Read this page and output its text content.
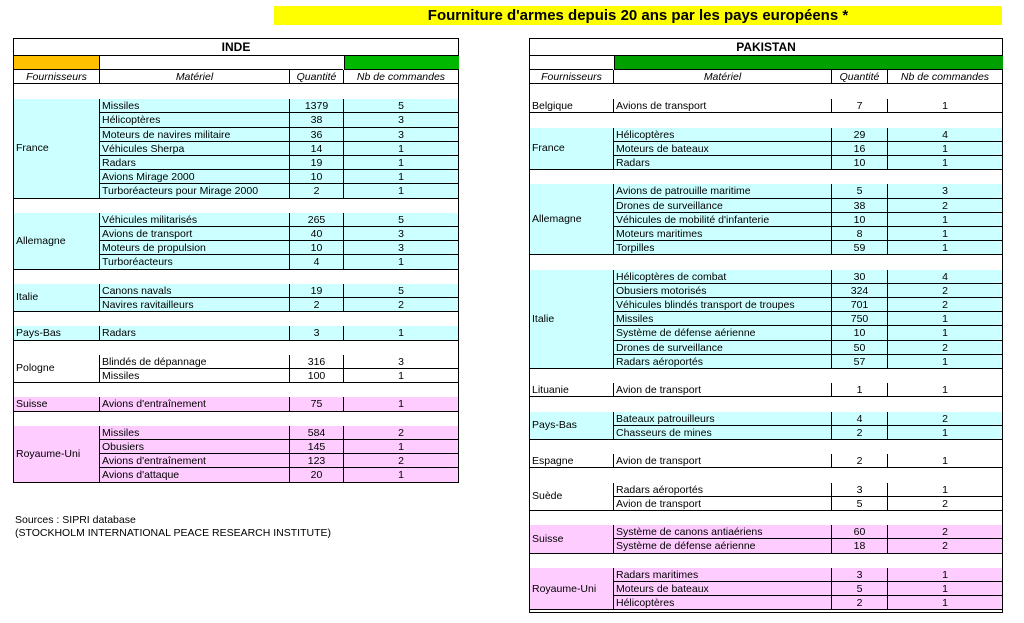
Fourniture d'armes depuis 20 ans par les pays européens *
INDE
Fournisseurs	Matériel	Quantité	Nb de commandes
France
Missiles	1379	5
Hélicoptères	38	3
Moteurs de navires militaire	36	3
Véhicules Sherpa	14	1
Radars	19	1
Avions Mirage 2000	10	1
Turboréacteurs pour Mirage 2000	2	1
Allemagne
Véhicules militarisés	265	5
Avions de transport	40	3
Moteurs de propulsion	10	3
Turboréacteurs	4	1
Italie
Canons navals	19	5
Navires ravitailleurs	2	2
Pays-Bas	Radars	3	1
Pologne
Blindés de dépannage	316	3
Missiles	100	1
Suisse	Avions d'entraînement	75	1
Royaume-Uni
Missiles	584	2
Obusiers	145	1
Avions d'entraînement	123	2
Avions d'attaque	20	1
PAKISTAN
Fournisseurs	Matériel	Quantité	Nb de commandes
Belgique	Avions de transport	7	1
France
Hélicoptères	29	4
Moteurs de bateaux	16	1
Radars	10	1
Allemagne
Avions de patrouille maritime	5	3
Drones de surveillance	38	2
Véhicules de mobilité d'infanterie	10	1
Moteurs maritimes	8	1
Torpilles	59	1
Italie
Hélicoptères de combat	30	4
Obusiers motorisés	324	2
Véhicules blindés transport de troupes	701	2
Missiles	750	1
Système de défense aérienne	10	1
Drones de surveillance	50	2
Radars aéroportés	57	1
Lituanie	Avion de transport	1	1
Pays-Bas
Bateaux patrouilleurs	4	2
Chasseurs de mines	2	1
Espagne	Avion de transport	2	1
Suède
Radars aéroportés	3	1
Avion de transport	5	2
Suisse
Système de canons antiaériens	60	2
Système de défense aérienne	18	2
Royaume-Uni
Radars maritimes	3	1
Moteurs de bateaux	5	1
Hélicoptères	2	1
Sources : SIPRI database
(STOCKHOLM INTERNATIONAL PEACE RESEARCH INSTITUTE)
